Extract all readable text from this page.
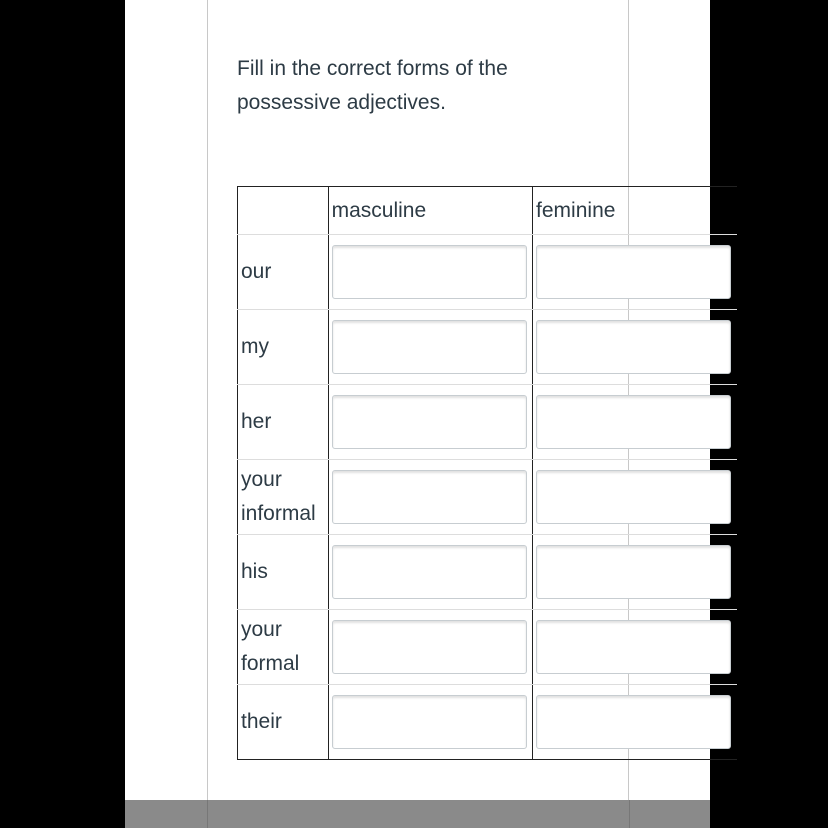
Fill in the correct forms of the possessive adjectives.
	masculine	feminine
our	

my	

her	

your informal	

his	

your formal	

their	
